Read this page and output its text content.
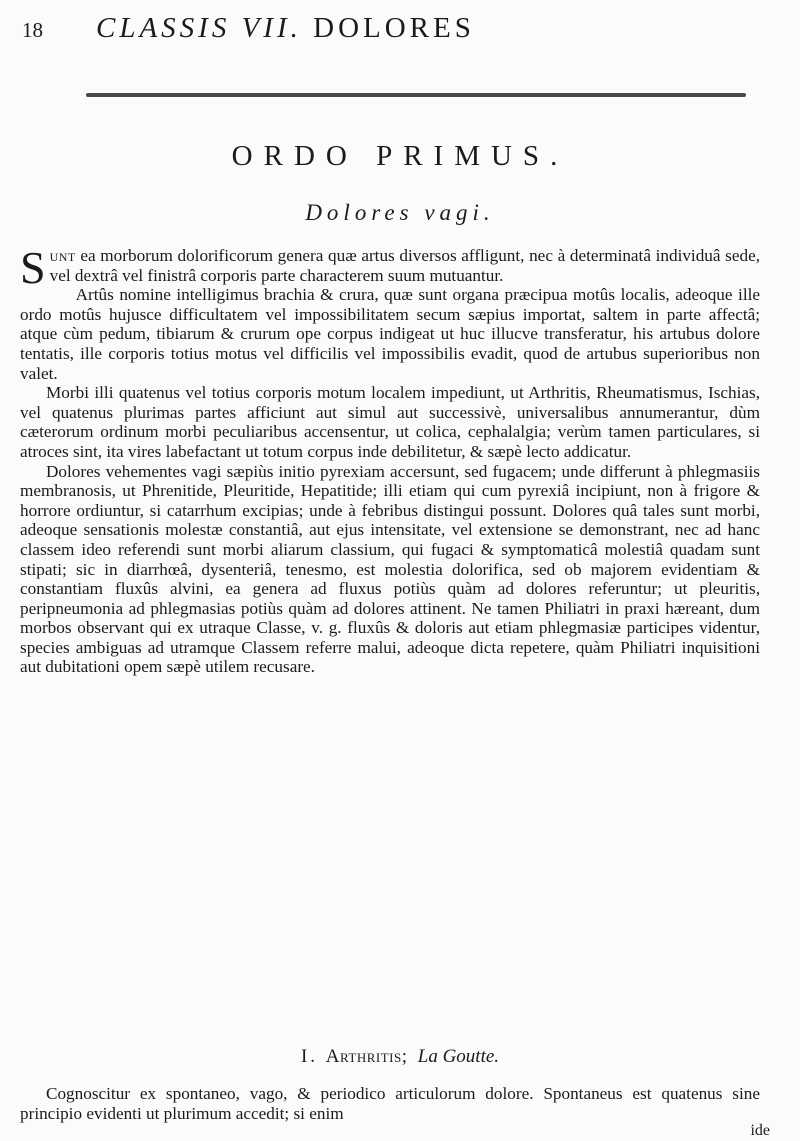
18 CLASSIS VII. DOLORES
ORDO PRIMUS.
Dolores vagi.

Sunt ea morborum dolorificorum genera quæ artus diversos affligunt, nec à determinatâ individuâ sede, vel dextrâ vel finistrâ corporis parte characterem suum mutuantur.

Artûs nomine intelligimus brachia & crura, quæ sunt organa præcipua motûs localis, adeoque ille ordo motûs hujusce difficultatem vel impossibilitatem secum sæpius importat, saltem in parte affectâ; atque cùm pedum, tibiarum & crurum ope corpus indigeat ut huc illucve transferatur, his artubus dolore tentatis, ille corporis totius motus vel difficilis vel impossibilis evadit, quod de artubus superioribus non valet.

Morbi illi quatenus vel totius corporis motum localem impediunt, ut Arthritis, Rheumatismus, Ischias, vel quatenus plurimas partes afficiunt aut simul aut successivè, universalibus annumerantur, dùm cæterorum ordinum morbi peculiaribus accensentur, ut colica, cephalalgia; verùm tamen particulares, si atroces sint, ita vires labefactant ut totum corpus inde debilitetur, & sæpè lecto addicatur.

Dolores vehementes vagi sæpiùs initio pyrexiam accersunt, sed fugacem; unde differunt à phlegmasiis membranosis, ut Phrenitide, Pleuritide, Hepatitide; illi etiam qui cum pyrexiâ incipiunt, non à frigore & horrore ordiuntur, si catarrhum excipias; unde à febribus distingui possunt. Dolores quâ tales sunt morbi, adeoque sensationis molestæ constantiâ, aut ejus intensitate, vel extensione se demonstrant, nec ad hanc classem ideo referendi sunt morbi aliarum classium, qui fugaci & symptomaticâ molestiâ quadam sunt stipati; sic in diarrhœâ, dysenteriâ, tenesmo, est molestia dolorifica, sed ob majorem evidentiam & constantiam fluxûs alvini, ea genera ad fluxus potiùs quàm ad dolores referuntur; ut pleuritis, peripneumonia ad phlegmasias potiùs quàm ad dolores attinent. Ne tamen Philiatri in praxi hæreant, dum morbos observant qui ex utraque Classe, v. g. fluxûs & doloris aut etiam phlegmasiæ participes videntur, species ambiguas ad utramque Classem referre malui, adeoque dicta repetere, quàm Philiatri inquisitioni aut dubitationi opem sæpè utilem recusare.

I. Arthritis; La Goutte.

Cognoscitur ex spontaneo, vago, & periodico articulorum dolore. Spontaneus est quatenus sine principio evidenti ut plurimum accedit; si enim

ide
